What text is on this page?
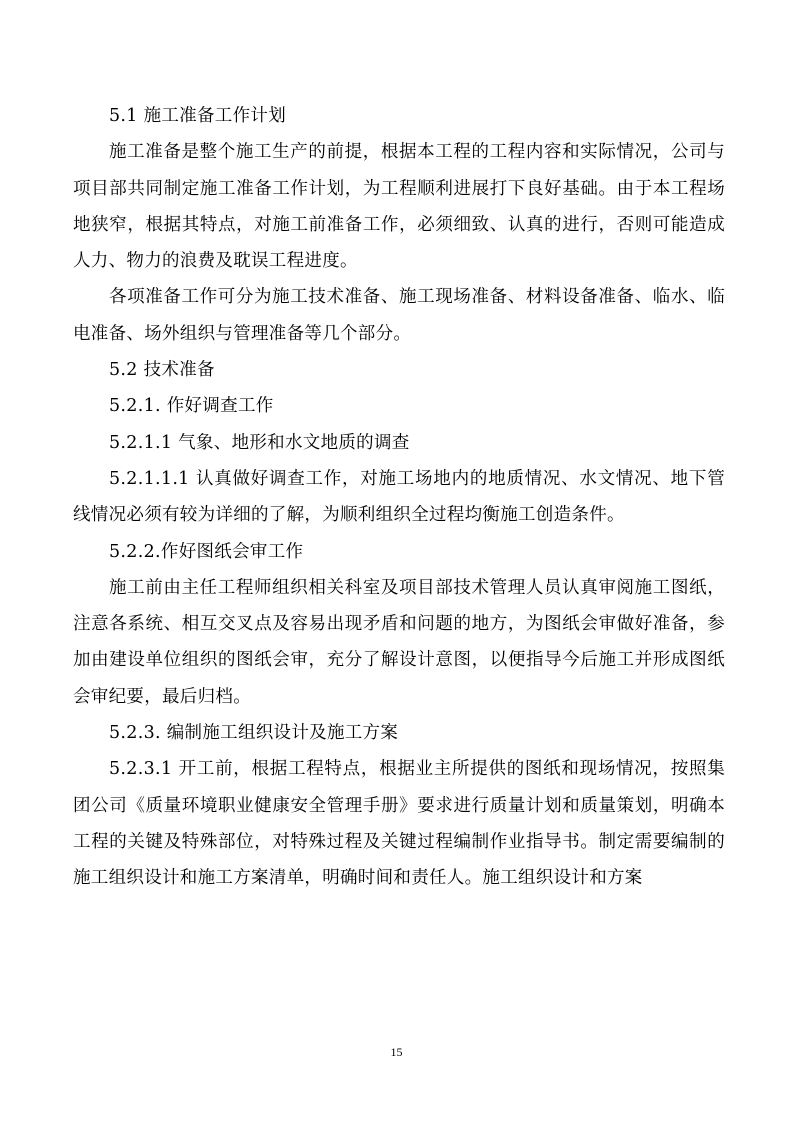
5.1 施工准备工作计划

施工准备是整个施工生产的前提，根据本工程的工程内容和实际情况，公司与项目部共同制定施工准备工作计划，为工程顺利进展打下良好基础。由于本工程场地狭窄，根据其特点，对施工前准备工作，必须细致、认真的进行，否则可能造成人力、物力的浪费及耽误工程进度。

各项准备工作可分为施工技术准备、施工现场准备、材料设备准备、临水、临电准备、场外组织与管理准备等几个部分。

5.2 技术准备

5.2.1. 作好调查工作

5.2.1.1 气象、地形和水文地质的调查

5.2.1.1.1 认真做好调查工作，对施工场地内的地质情况、水文情况、地下管线情况必须有较为详细的了解，为顺利组织全过程均衡施工创造条件。

5.2.2.作好图纸会审工作

施工前由主任工程师组织相关科室及项目部技术管理人员认真审阅施工图纸，注意各系统、相互交叉点及容易出现矛盾和问题的地方，为图纸会审做好准备，参加由建设单位组织的图纸会审，充分了解设计意图，以便指导今后施工并形成图纸会审纪要，最后归档。

5.2.3. 编制施工组织设计及施工方案

5.2.3.1 开工前，根据工程特点，根据业主所提供的图纸和现场情况，按照集团公司《质量环境职业健康安全管理手册》要求进行质量计划和质量策划，明确本工程的关键及特殊部位，对特殊过程及关键过程编制作业指导书。制定需要编制的施工组织设计和施工方案清单，明确时间和责任人。施工组织设计和方案

15
